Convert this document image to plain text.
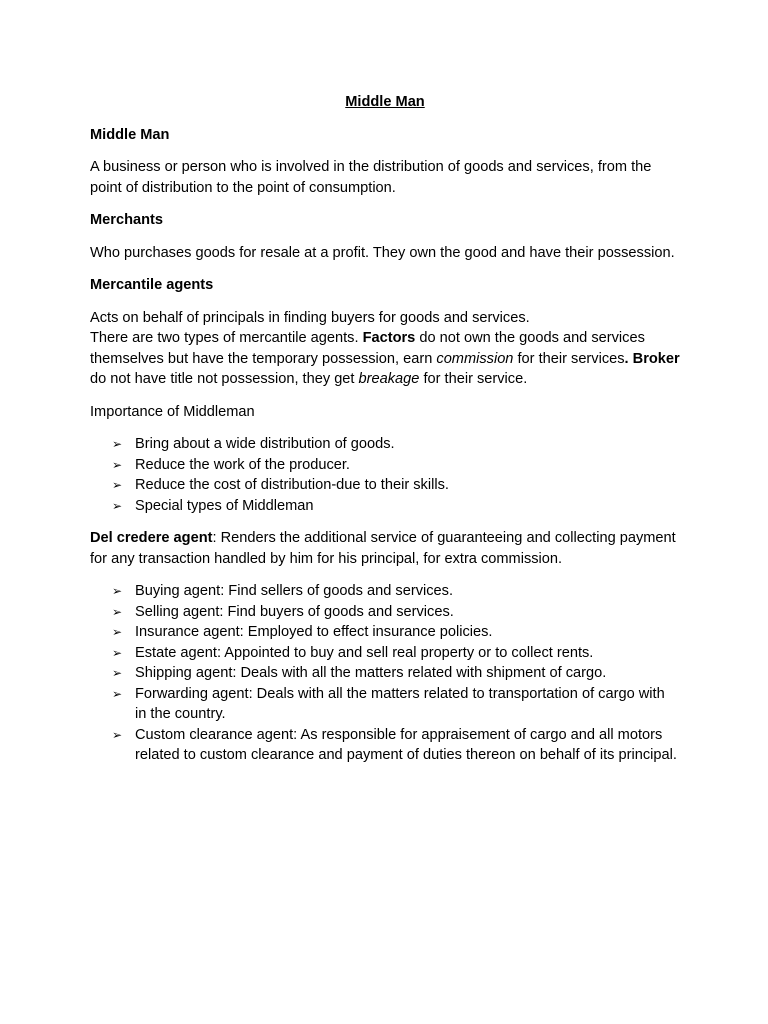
Middle Man
Middle Man

A business or person who is involved in the distribution of goods and services, from the point of distribution to the point of consumption.

Merchants

Who purchases goods for resale at a profit. They own the good and have their possession.

Mercantile agents

Acts on behalf of principals in finding buyers for goods and services.
There are two types of mercantile agents. Factors do not own the goods and services themselves but have the temporary possession, earn commission for their services. Broker do not have title not possession, they get breakage for their service.

Importance of Middleman

➢ Bring about a wide distribution of goods.
➢ Reduce the work of the producer.
➢ Reduce the cost of distribution-due to their skills.
➢ Special types of Middleman

Del credere agent: Renders the additional service of guaranteeing and collecting payment for any transaction handled by him for his principal, for extra commission.

➢ Buying agent: Find sellers of goods and services.
➢ Selling agent: Find buyers of goods and services.
➢ Insurance agent: Employed to effect insurance policies.
➢ Estate agent: Appointed to buy and sell real property or to collect rents.
➢ Shipping agent: Deals with all the matters related with shipment of cargo.
➢ Forwarding agent: Deals with all the matters related to transportation of cargo with in the country.
➢ Custom clearance agent: As responsible for appraisement of cargo and all motors related to custom clearance and payment of duties thereon on behalf of its principal.
